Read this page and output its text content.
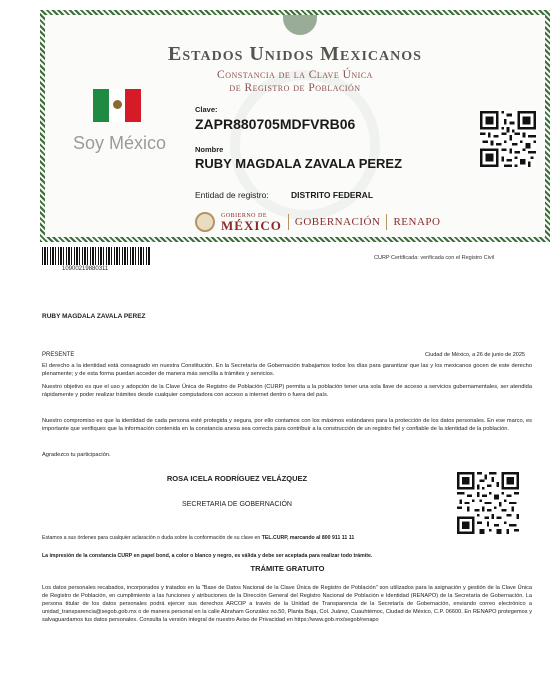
Estados Unidos Mexicanos
Constancia de la Clave Única
de Registro de Población
Soy México
Clave:
ZAPR880705MDFVRB06
Nombre
RUBY MAGDALA ZAVALA PEREZ
Entidad de registro:	DISTRITO FEDERAL
GOBIERNO DE
MÉXICO GOBERNACIÓN RENAPO
10900219880311
CURP Certificada: verificada con el Registro Civil
RUBY MAGDALA ZAVALA PEREZ
PRESENTE	Ciudad de México, a 26 de junio de 2025
El derecho a la identidad está consagrado en nuestra Constitución. En la Secretaría de Gobernación trabajamos todos los días para garantizar que las y los mexicanos gocen de este derecho plenamente; y de esta forma puedan acceder de manera más sencilla a trámites y servicios.
Nuestro objetivo es que el uso y adopción de la Clave Única de Registro de Población (CURP) permita a la población tener una sola llave de acceso a servicios gubernamentales, ser atendida rápidamente y poder realizar trámites desde cualquier computadora con acceso a internet dentro o fuera del país.
Nuestro compromiso es que la identidad de cada persona esté protegida y segura, por ello contamos con los máximos estándares para la protección de los datos personales. En ese marco, es importante que verifiques que la información contenida en la constancia anexa sea correcta para contribuir a la construcción de un registro fiel y confiable de la identidad de la población.
Agradezco tu participación.
ROSA ICELA RODRÍGUEZ VELÁZQUEZ
SECRETARIA DE GOBERNACIÓN
Estamos a sus órdenes para cualquier aclaración o duda sobre la conformación de su clave en TEL.CURP, marcando al 800 911 11 11
La impresión de la constancia CURP en papel bond, a color o blanco y negro, es válida y debe ser aceptada para realizar todo trámite.
TRÁMITE GRATUITO
Los datos personales recabados, incorporados y tratados en la "Base de Datos Nacional de la Clave Única de Registro de Población" son utilizados para la asignación y gestión de la Clave Única de Registro de Población, en cumplimiento a las funciones y atribuciones de la Dirección General del Registro Nacional de Población e Identidad (RENAPO) de la Secretaría de Gobernación. La persona titular de los datos personales podrá ejercer sus derechos ARCOP a través de la Unidad de Transparencia de la Secretaría de Gobernación, enviando correo electrónico a unidad_transparencia@segob.gob.mx o de manera personal en la calle Abraham González no.50, Planta Baja, Col. Juárez, Cuauhtémoc, Ciudad de México, C.P. 06600. En RENAPO protegemos y salvaguardamos tus datos personales. Consulta la versión integral de nuestro Aviso de Privacidad en https://www.gob.mx/segob/renapo
